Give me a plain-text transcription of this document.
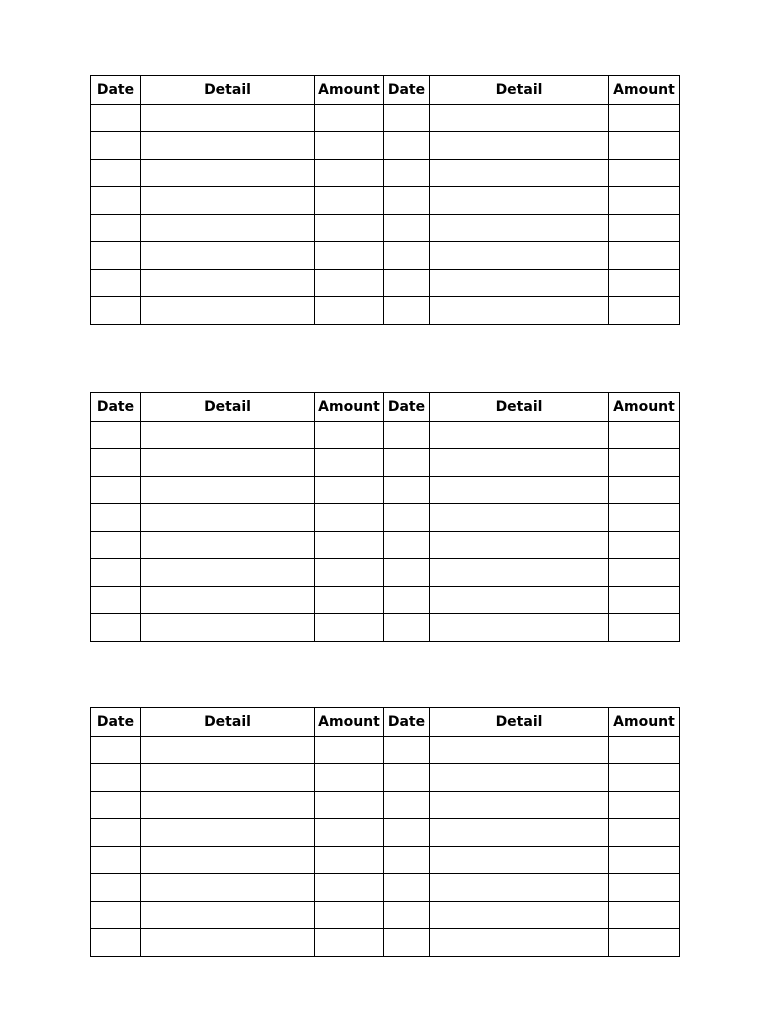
Date	Detail	Amount	Date	Detail	Amount

Date	Detail	Amount	Date	Detail	Amount

Date	Detail	Amount	Date	Detail	Amount
